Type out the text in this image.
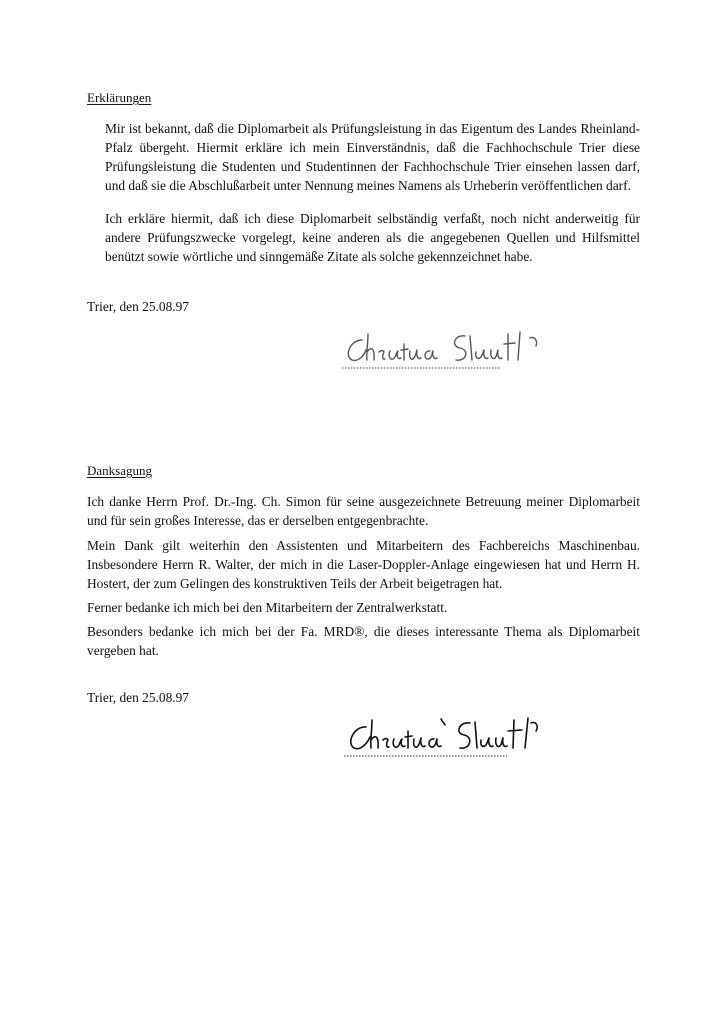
Erklärungen

Mir ist bekannt, daß die Diplomarbeit als Prüfungsleistung in das Eigentum des Landes Rheinland-Pfalz übergeht. Hiermit erkläre ich mein Einverständnis, daß die Fachhochschule Trier diese Prüfungsleistung die Studenten und Studentinnen der Fachhochschule Trier einsehen lassen darf, und daß sie die Abschlußarbeit unter Nennung meines Namens als Urheberin veröffentlichen darf.

Ich erkläre hiermit, daß ich diese Diplomarbeit selbständig verfaßt, noch nicht anderweitig für andere Prüfungszwecke vorgelegt, keine anderen als die angegebenen Quellen und Hilfsmittel benützt sowie wörtliche und sinngemäße Zitate als solche gekennzeichnet habe.

Trier, den 25.08.97
Danksagung

Ich danke Herrn Prof. Dr.-Ing. Ch. Simon für seine ausgezeichnete Betreuung meiner Diplomarbeit und für sein großes Interesse, das er derselben entgegenbrachte.

Mein Dank gilt weiterhin den Assistenten und Mitarbeitern des Fachbereichs Maschinenbau. Insbesondere Herrn R. Walter, der mich in die Laser-Doppler-Anlage eingewiesen hat und Herrn H. Hostert, der zum Gelingen des konstruktiven Teils der Arbeit beigetragen hat.

Ferner bedanke ich mich bei den Mitarbeitern der Zentralwerkstatt.

Besonders bedanke ich mich bei der Fa. MRD®, die dieses interessante Thema als Diplomarbeit vergeben hat.

Trier, den 25.08.97
